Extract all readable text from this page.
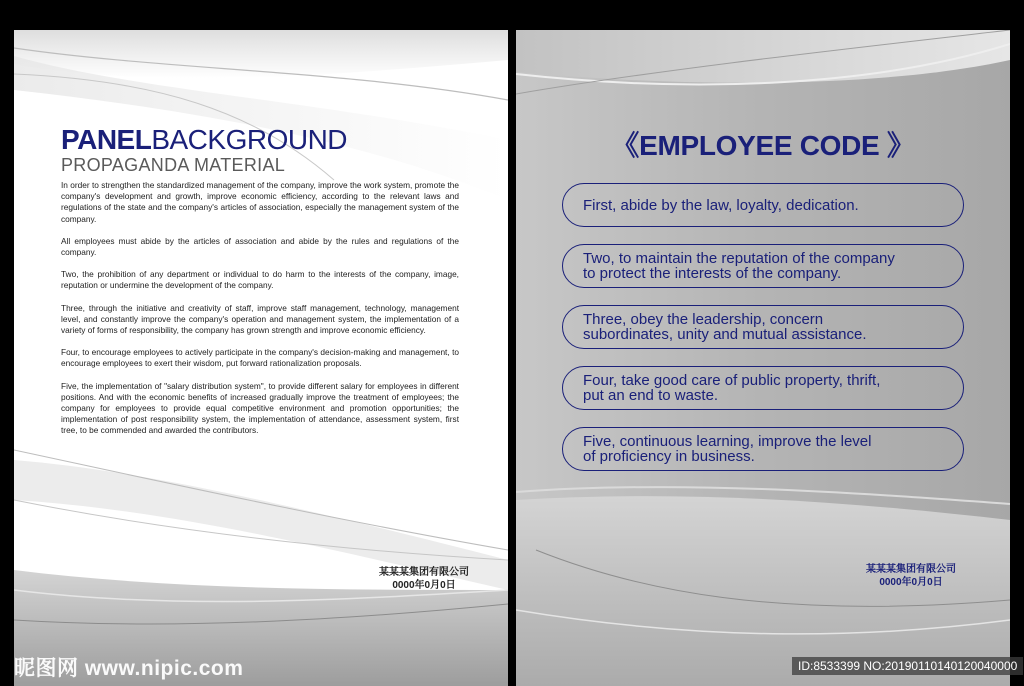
PANELBACKGROUND

PROPAGANDA MATERIAL

In order to strengthen the standardized management of the company, improve the work system, promote the company's development and growth, improve economic efficiency, according to the relevant laws and regulations of the state and the company's articles of association, especially the management system of the company.

All employees must abide by the articles of association and abide by the rules and regulations of the company.

Two, the prohibition of any department or individual to do harm to the interests of the company, image, reputation or undermine the development of the company.

Three, through the initiative and creativity of staff, improve staff management, technology, management level, and constantly improve the company's operation and management system, the implementation of a variety of forms of responsibility, the company has grown strength and improve economic efficiency.

Four, to encourage employees to actively participate in the company's decision-making and management, to encourage employees to exert their wisdom, put forward rationalization proposals.

Five, the implementation of "salary distribution system", to provide different salary for employees in different positions. And with the economic benefits of increased gradually improve the treatment of employees; the company for employees to provide equal competitive environment and promotion opportunities; the implementation of post responsibility system, the implementation of attendance, assessment system, first tree, to be commended and awarded the contributors.

某某某集团有限公司
0000年0月0日
《EMPLOYEE CODE 》
First, abide by the law, loyalty, dedication.
Two, to maintain the reputation of the company
to protect the interests of the company.
Three, obey the leadership, concern
subordinates, unity and mutual assistance.
Four, take good care of public property, thrift,
put an end to waste.
Five, continuous learning, improve the level
of proficiency in business.
某某某集团有限公司
0000年0月0日
昵图网 www.nipic.com	ID:8533399 NO:20190110140120040000
